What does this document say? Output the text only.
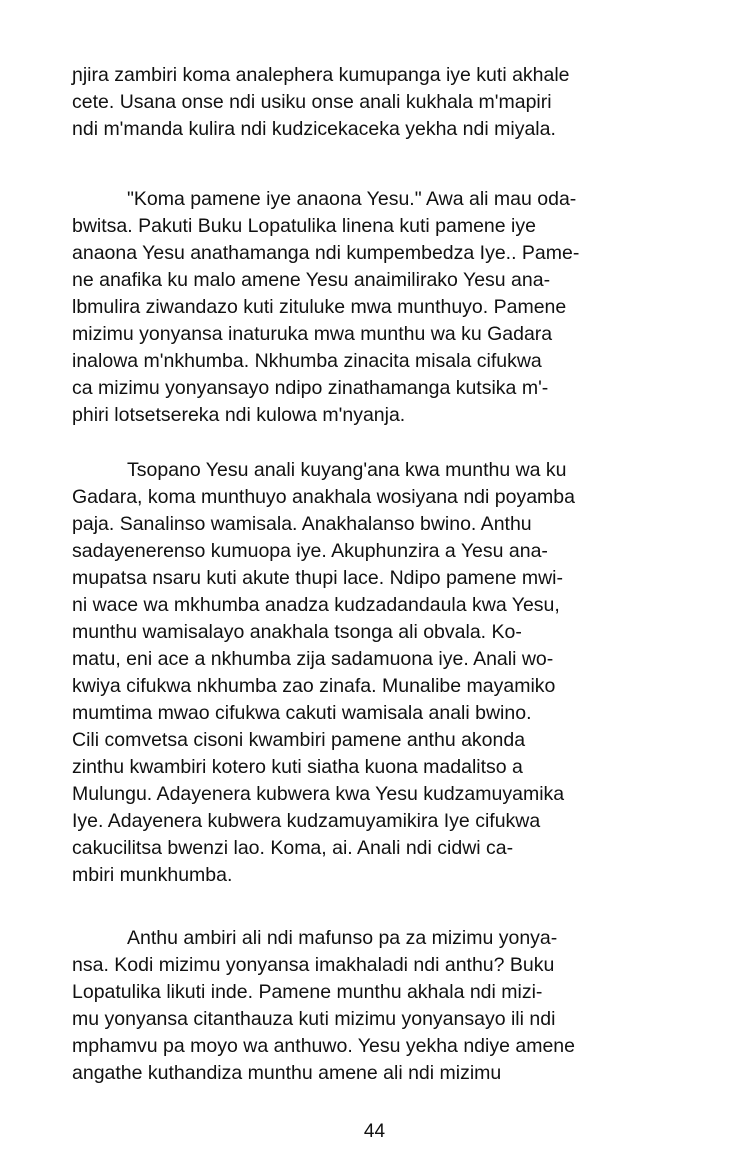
ɲjira zambiri koma analephera kumupanga iye kuti akhale
cete. Usana onse ndi usiku onse anali kukhala m'mapiri
ndi m'manda kulira ndi kudzicekaceka yekha ndi miyala.
"Koma pamene iye anaona Yesu." Awa ali mau oda-
bwitsa. Pakuti Buku Lopatulika linena kuti pamene iye
anaona Yesu anathamanga ndi kumpembedza Iye.. Pame-
ne anafika ku malo amene Yesu anaimilirako Yesu ana-
lbmulira ziwandazo kuti zituluke mwa munthuyo. Pamene
mizimu yonyansa inaturuka mwa munthu wa ku Gadara
inalowa m'nkhumba. Nkhumba zinacita misala cifukwa
ca mizimu yonyansayo ndipo zinathamanga kutsika m'-
phiri lotsetsereka ndi kulowa m'nyanja.
Tsopano Yesu anali kuyang'ana kwa munthu wa ku
Gadara, koma munthuyo anakhala wosiyana ndi poyamba
paja. Sanalinso wamisala. Anakhalanso bwino. Anthu
sadayenerenso kumuopa iye. Akuphunzira a Yesu ana-
mupatsa nsaru kuti akute thupi lace. Ndipo pamene mwi-
ni wace wa mkhumba anadza kudzadandaula kwa Yesu,
munthu wamisalayo anakhala tsonga ali obvala. Ko-
matu, eni ace a nkhumba zija sadamuona iye. Anali wo-
kwiya cifukwa nkhumba zao zinafa. Munalibe mayamiko
mumtima mwao cifukwa cakuti wamisala anali bwino.
Cili comvetsa cisoni kwambiri pamene anthu akonda
zinthu kwambiri kotero kuti siatha kuona madalitso a
Mulungu. Adayenera kubwera kwa Yesu kudzamuyamika
Iye. Adayenera kubwera kudzamuyamikira Iye cifukwa
cakucilitsa bwenzi lao. Koma, ai. Anali ndi cidwi ca-
mbiri munkhumba.
Anthu ambiri ali ndi mafunso pa za mizimu yonya-
nsa. Kodi mizimu yonyansa imakhaladi ndi anthu? Buku
Lopatulika likuti inde. Pamene munthu akhala ndi mizi-
mu yonyansa citanthauza kuti mizimu yonyansayo ili ndi
mphamvu pa moyo wa anthuwo. Yesu yekha ndiye amene
angathe kuthandiza munthu amene ali ndi mizimu
44
